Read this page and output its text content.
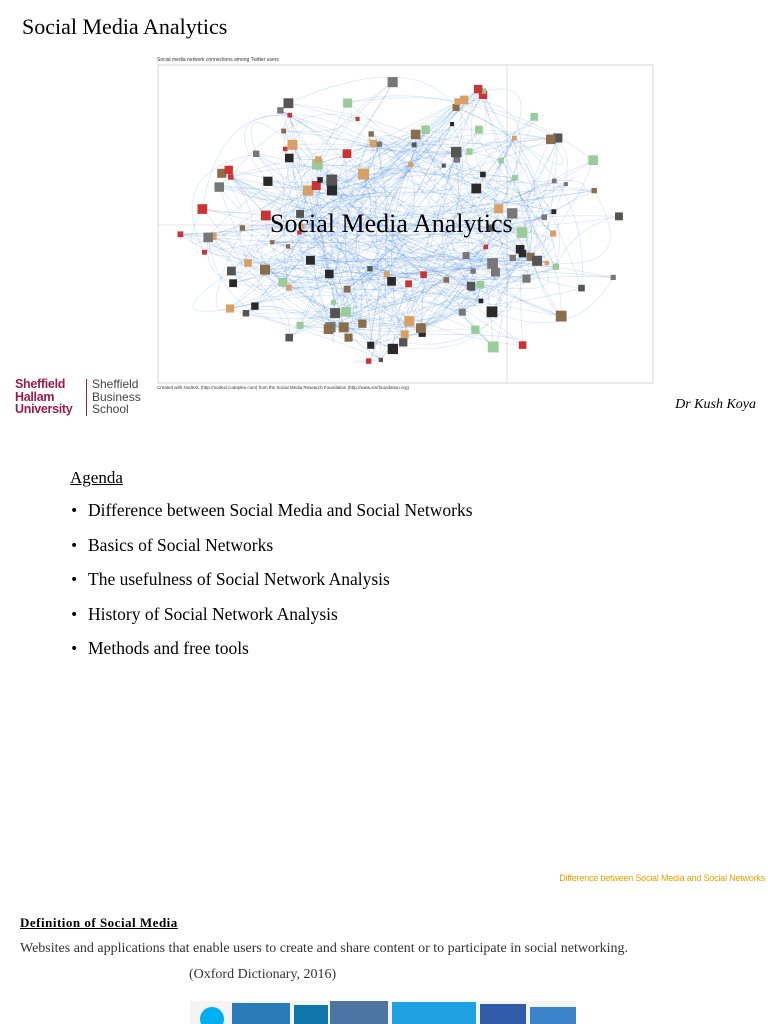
Social Media Analytics
Social media network connections among Twitter users
Social Media Analytics
Created with NodeXL (http://nodexl.codeplex.com) from the Social Media Research Foundation (http://www.smrfoundation.org)
Sheffield
Hallam
University
Sheffield
Business
School	Dr Kush Koya
Agenda
• Difference between Social Media and Social Networks
• Basics of Social Networks
• The usefulness of Social Network Analysis
• History of Social Network Analysis
• Methods and free tools
Difference between Social Media and Social Networks
Definition of Social Media
Websites and applications that enable users to create and share content or to participate in social networking.
(Oxford Dictionary, 2016)
